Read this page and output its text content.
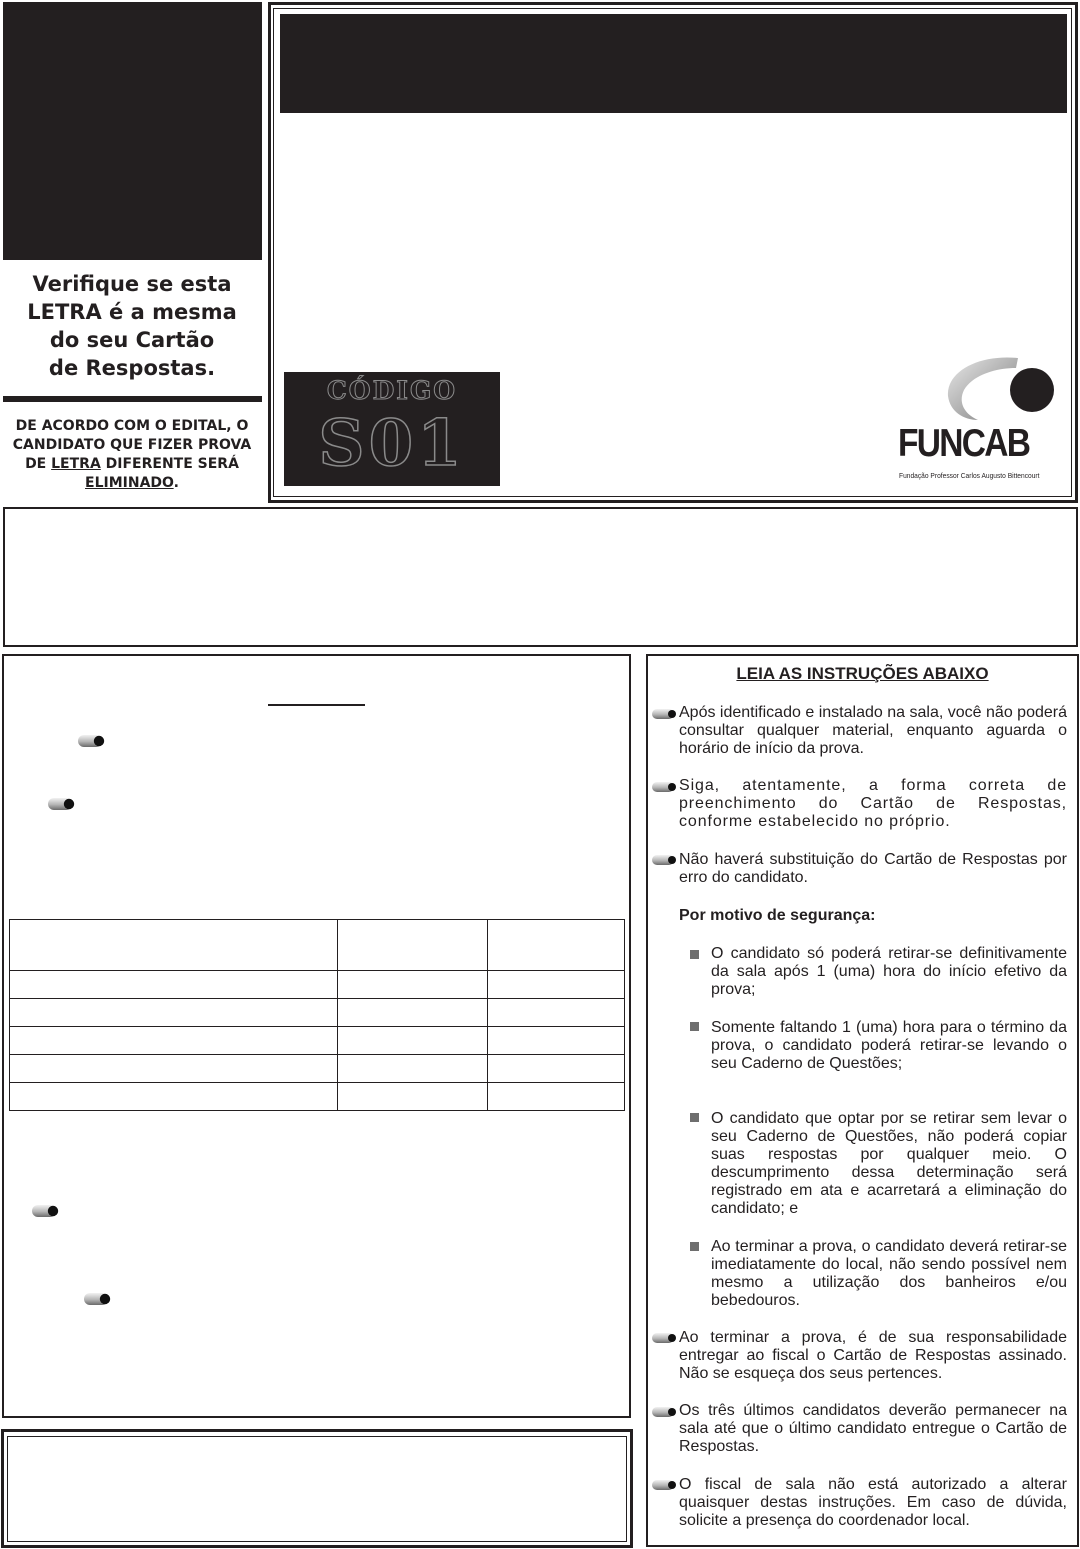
Verifique se esta
LETRA é a mesma
do seu Cartão
de Respostas.
DE ACORDO COM O EDITAL, O
CANDIDATO QUE FIZER PROVA
DE LETRA DIFERENTE SERÁ
ELIMINADO.
CÓDIGO
S01	FUNCAB
Fundação Professor Carlos Augusto Bittencourt

LEIA AS INSTRUÇÕES ABAIXO
Após identificado e instalado na sala, você não poderá consultar qualquer material, enquanto aguarda o horário de início da prova.
Siga, atentamente, a forma correta de preenchimento do Cartão de Respostas, conforme estabelecido no próprio.
Não haverá substituição do Cartão de Respostas por erro do candidato.
Por motivo de segurança:
O candidato só poderá retirar-se definitivamente da sala após 1 (uma) hora do início efetivo da prova;
Somente faltando 1 (uma) hora para o término da prova, o candidato poderá retirar-se levando o seu Caderno de Questões;
O candidato que optar por se retirar sem levar o seu Caderno de Questões, não poderá copiar suas respostas por qualquer meio. O descumprimento dessa determinação será registrado em ata e acarretará a eliminação do candidato; e
Ao terminar a prova, o candidato deverá retirar-se imediatamente do local, não sendo possível nem mesmo a utilização dos banheiros e/ou bebedouros.
Ao terminar a prova, é de sua responsabilidade entregar ao fiscal o Cartão de Respostas assinado. Não se esqueça dos seus pertences.
Os três últimos candidatos deverão permanecer na sala até que o último candidato entregue o Cartão de Respostas.
O fiscal de sala não está autorizado a alterar quaisquer destas instruções. Em caso de dúvida, solicite a presença do coordenador local.
